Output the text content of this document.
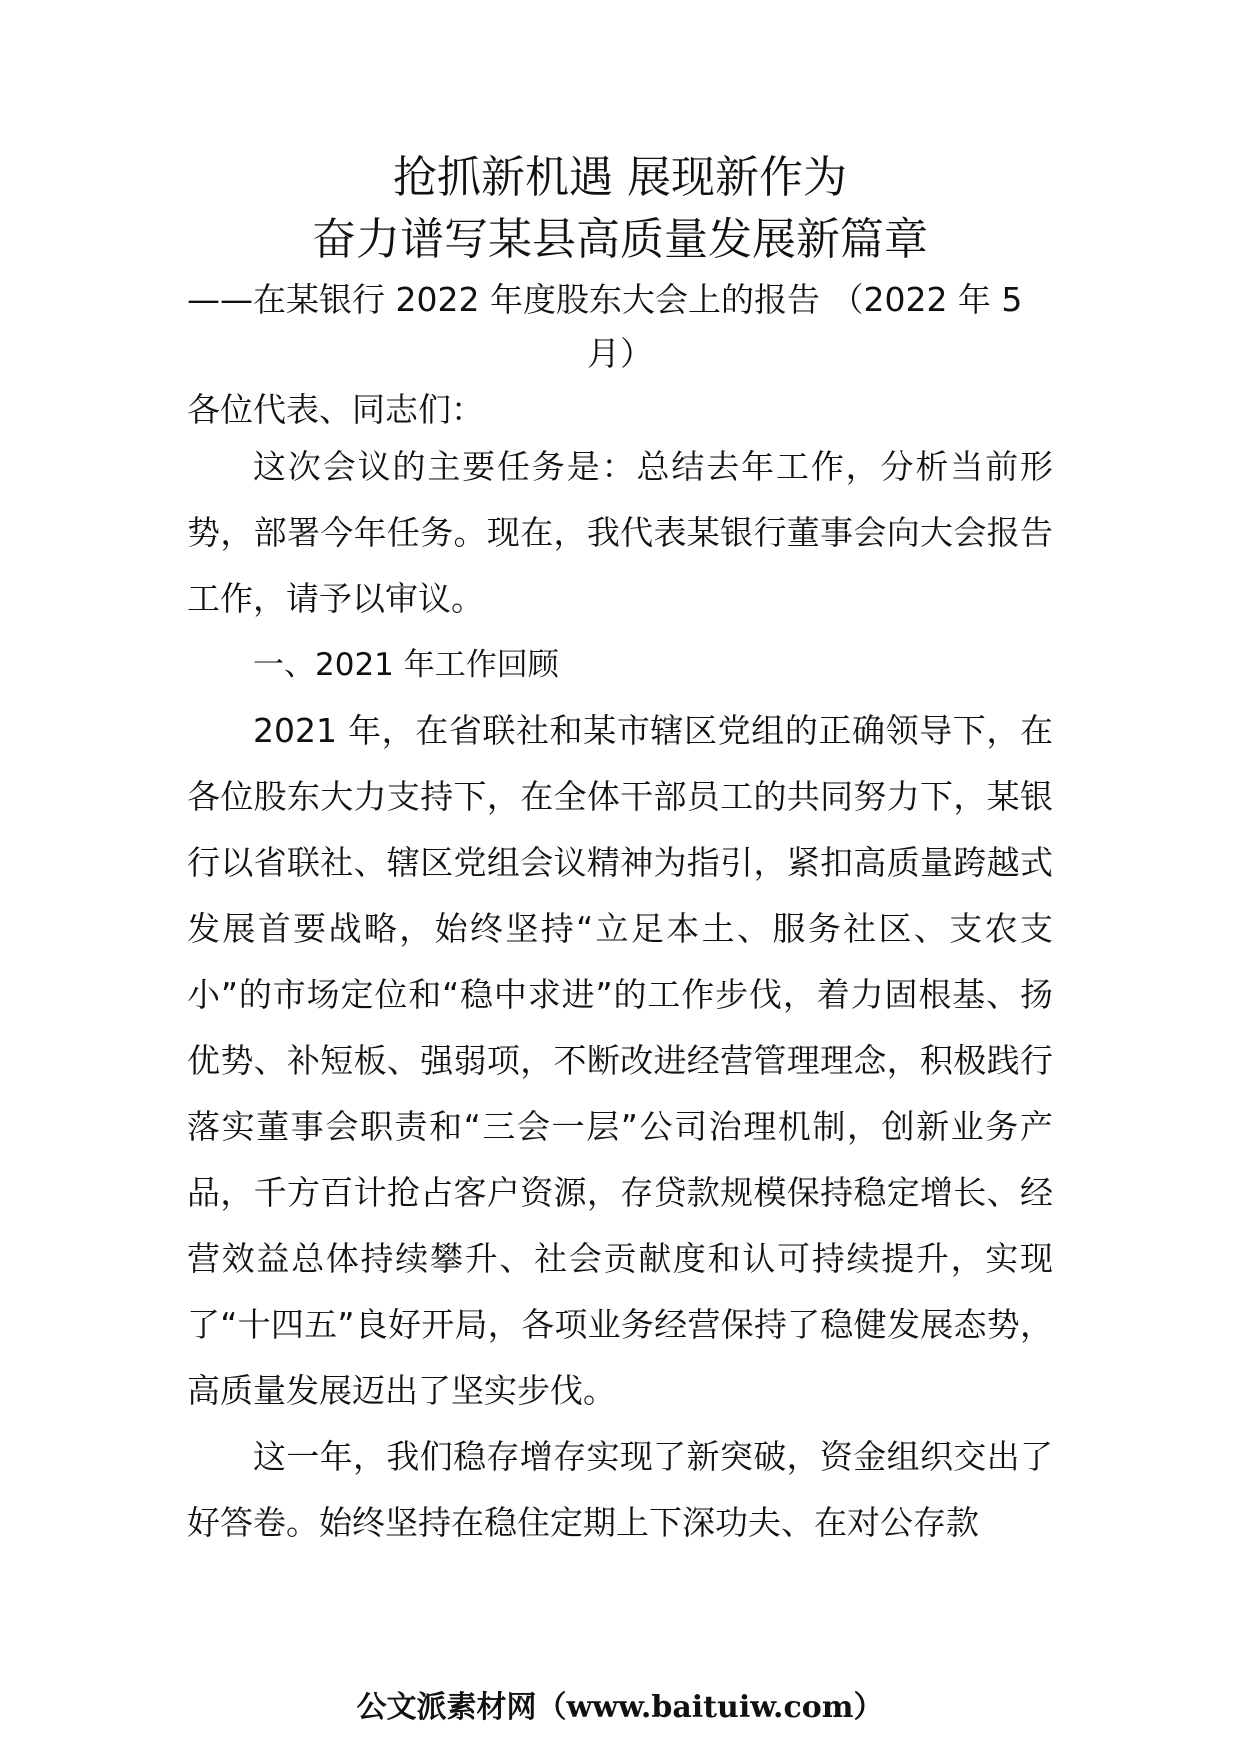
抢抓新机遇 展现新作为
奋力谱写某县高质量发展新篇章
——在某银行 2022 年度股东大会上的报告 （2022 年 5
月）
各位代表、同志们：

这次会议的主要任务是：总结去年工作，分析当前形势，部署今年任务。现在，我代表某银行董事会向大会报告工作，请予以审议。

一、2021 年工作回顾

2021 年，在省联社和某市辖区党组的正确领导下，在各位股东大力支持下，在全体干部员工的共同努力下，某银行以省联社、辖区党组会议精神为指引，紧扣高质量跨越式发展首要战略，始终坚持“立足本土、服务社区、支农支小”的市场定位和“稳中求进”的工作步伐，着力固根基、扬优势、补短板、强弱项，不断改进经营管理理念，积极践行落实董事会职责和“三会一层”公司治理机制，创新业务产品，千方百计抢占客户资源，存贷款规模保持稳定增长、经营效益总体持续攀升、社会贡献度和认可持续提升，实现了“十四五”良好开局，各项业务经营保持了稳健发展态势，高质量发展迈出了坚实步伐。

这一年，我们稳存增存实现了新突破，资金组织交出了好答卷。始终坚持在稳住定期上下深功夫、在对公存款

公文派素材网（www.baituiw.com）
